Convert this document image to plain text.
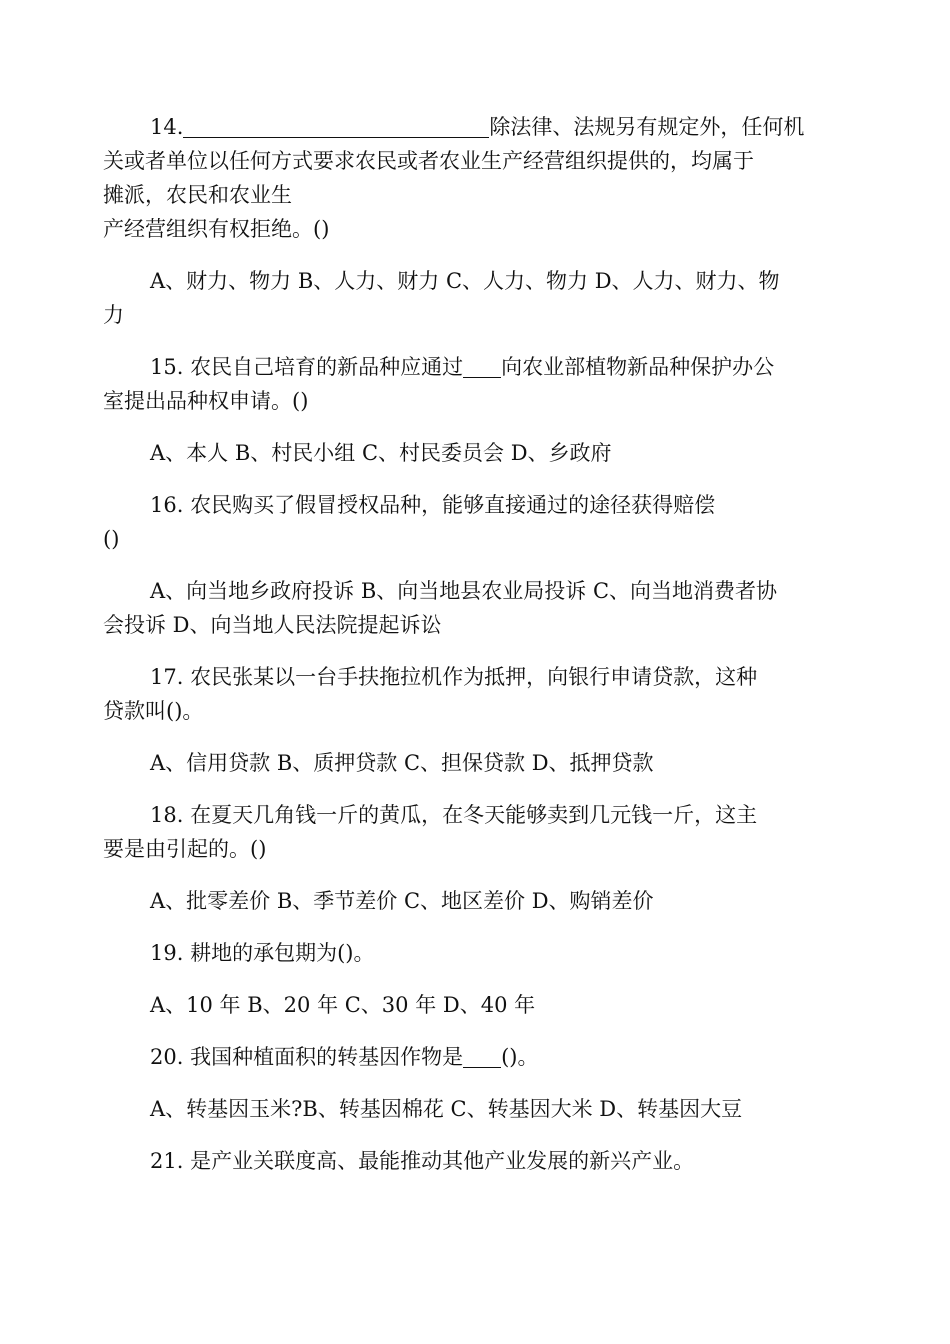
14.	除法律、法规另有规定外，任何机
关或者单位以任何方式要求农民或者农业生产经营组织提供的，均属于
摊派，农民和农业生
产经营组织有权拒绝。()
A、财力、物力 B、人力、财力 C、人力、物力 D、人力、财力、物
力
15. 农民自己培育的新品种应通过 向农业部植物新品种保护办公
室提出品种权申请。()
A、本人 B、村民小组 C、村民委员会 D、乡政府
16. 农民购买了假冒授权品种，能够直接通过的途径获得赔偿
()
A、向当地乡政府投诉 B、向当地县农业局投诉 C、向当地消费者协
会投诉 D、向当地人民法院提起诉讼
17. 农民张某以一台手扶拖拉机作为抵押，向银行申请贷款，这种
贷款叫()。
A、信用贷款 B、质押贷款 C、担保贷款 D、抵押贷款
18. 在夏天几角钱一斤的黄瓜，在冬天能够卖到几元钱一斤，这主
要是由引起的。()
A、批零差价 B、季节差价 C、地区差价 D、购销差价
19. 耕地的承包期为()。
A、10 年 B、20 年 C、30 年 D、40 年
20. 我国种植面积的转基因作物是 ()。
A、转基因玉米?B、转基因棉花 C、转基因大米 D、转基因大豆
21. 是产业关联度高、最能推动其他产业发展的新兴产业。
